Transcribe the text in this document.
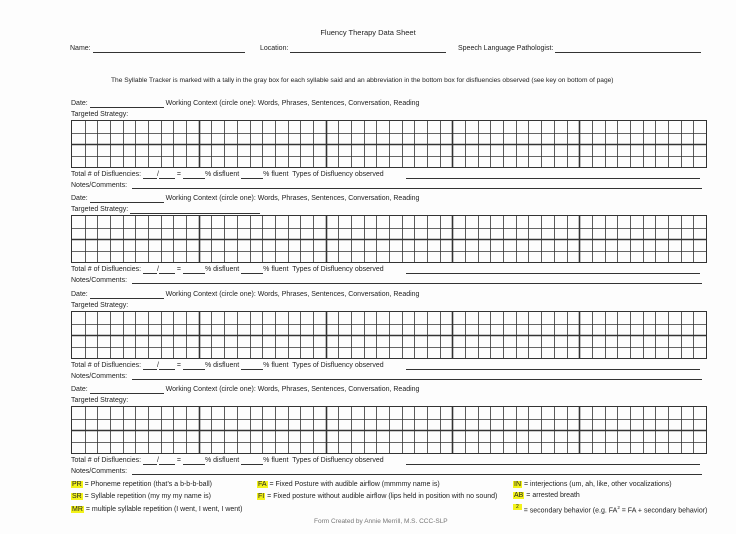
Fluency Therapy Data Sheet
Name:	Location:	Speech Language Pathologist:
The Syllable Tracker is marked with a tally in the gray box for each syllable said and an abbreviation in the bottom box for disfluencies observed (see key on bottom of page)
Date:	Working Context (circle one): Words, Phrases, Sentences, Conversation, Reading
Targeted Strategy:
Total # of Disfluencies: /	=	% disfluent	% fluent Types of Disfluency observed
Notes/Comments:
Date:	Working Context (circle one): Words, Phrases, Sentences, Conversation, Reading
Targeted Strategy:
Total # of Disfluencies: /	=	% disfluent	% fluent Types of Disfluency observed
Notes/Comments:
Date:	Working Context (circle one): Words, Phrases, Sentences, Conversation, Reading
Targeted Strategy:
Total # of Disfluencies: /	=	% disfluent	% fluent Types of Disfluency observed
Notes/Comments:
Date:	Working Context (circle one): Words, Phrases, Sentences, Conversation, Reading
Targeted Strategy:
Total # of Disfluencies: /	=	% disfluent	% fluent Types of Disfluency observed
Notes/Comments:
PR = Phoneme repetition (that’s a b-b-b-ball)
SR = Syllable repetition (my my my name is)
MR = multiple syllable repetition (I went, I went, I went)
FA = Fixed Posture with audible airflow (mmmmy name is)
FI = Fixed posture without audible airflow (lips held in position with no sound)
IN = interjections (um, ah, like, other vocalizations)
AB = arrested breath
$^2$ = secondary behavior (e.g. $FA^2$ = FA + secondary behavior)
Form Created by Annie Merrill, M.S. CCC-SLP
